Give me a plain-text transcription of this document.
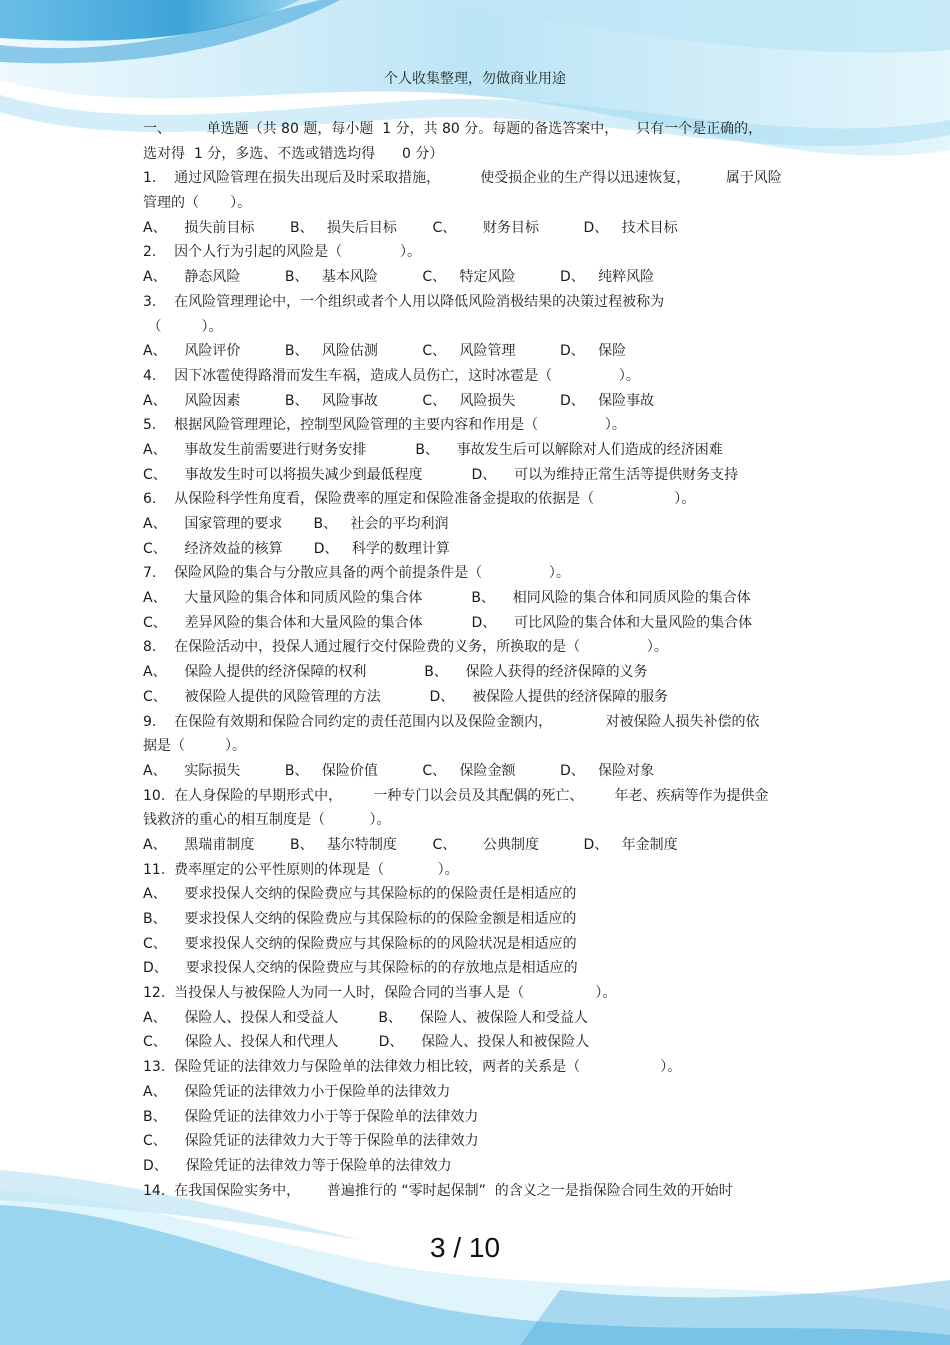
个人收集整理，勿做商业用途
一、        单选题（共 80 题，每小题  1 分，共 80 分。每题的备选答案中，    只有一个是正确的，
选对得  1 分，多选、不选或错选均得      0 分）
1.    通过风险管理在损失出现后及时采取措施，         使受损企业的生产得以迅速恢复，        属于风险
管理的（       ）。
A、    损失前目标        B、   损失后目标        C、      财务目标          D、   技术目标
2.    因个人行为引起的风险是（             ）。
A、    静态风险          B、   基本风险          C、   特定风险          D、   纯粹风险
3.    在风险管理理论中，一个组织或者个人用以降低风险消极结果的决策过程被称为
（         ）。
A、    风险评价          B、   风险估测          C、   风险管理          D、   保险
4.    因下冰雹使得路滑而发生车祸，造成人员伤亡，这时冰雹是（               ）。
A、    风险因素          B、   风险事故          C、   风险损失          D、   保险事故
5.    根据风险管理理论，控制型风险管理的主要内容和作用是（               ）。
A、    事故发生前需要进行财务安排           B、    事故发生后可以解除对人们造成的经济困难
C、    事故发生时可以将损失减少到最低程度           D、    可以为维持正常生活等提供财务支持
6.    从保险科学性角度看，保险费率的厘定和保险准备金提取的依据是（                  ）。
A、    国家管理的要求       B、   社会的平均利润
C、    经济效益的核算       D、   科学的数理计算
7.    保险风险的集合与分散应具备的两个前提条件是（               ）。
A、    大量风险的集合体和同质风险的集合体           B、    相同风险的集合体和同质风险的集合体
C、    差异风险的集合体和大量风险的集合体           D、    可比风险的集合体和大量风险的集合体
8.    在保险活动中，投保人通过履行交付保险费的义务，所换取的是（               ）。
A、    保险人提供的经济保障的权利             B、    保险人获得的经济保障的义务
C、    被保险人提供的风险管理的方法           D、    被保险人提供的经济保障的服务
9.    在保险有效期和保险合同约定的责任范围内以及保险金额内，            对被保险人损失补偿的依
据是（         ）。
A、    实际损失          B、   保险价值          C、   保险金额          D、   保险对象
10.  在人身保险的早期形式中，       一种专门以会员及其配偶的死亡、       年老、疾病等作为提供金
钱救济的重心的相互制度是（          ）。
A、    黑瑞甫制度        B、   基尔特制度        C、      公典制度          D、   年金制度
11.  费率厘定的公平性原则的体现是（            ）。
A、    要求投保人交纳的保险费应与其保险标的的保险责任是相适应的
B、    要求投保人交纳的保险费应与其保险标的的保险金额是相适应的
C、    要求投保人交纳的保险费应与其保险标的的风险状况是相适应的
D、    要求投保人交纳的保险费应与其保险标的的存放地点是相适应的
12.  当投保人与被保险人为同一人时，保险合同的当事人是（                ）。
A、    保险人、投保人和受益人         B、    保险人、被保险人和受益人
C、    保险人、投保人和代理人         D、    保险人、投保人和被保险人
13.  保险凭证的法律效力与保险单的法律效力相比较，两者的关系是（                  ）。
A、    保险凭证的法律效力小于保险单的法律效力
B、    保险凭证的法律效力小于等于保险单的法律效力
C、    保险凭证的法律效力大于等于保险单的法律效力
D、    保险凭证的法律效力等于保险单的法律效力
14.  在我国保险实务中，      普遍推行的 “零时起保制”  的含义之一是指保险合同生效的开始时
3 / 10
